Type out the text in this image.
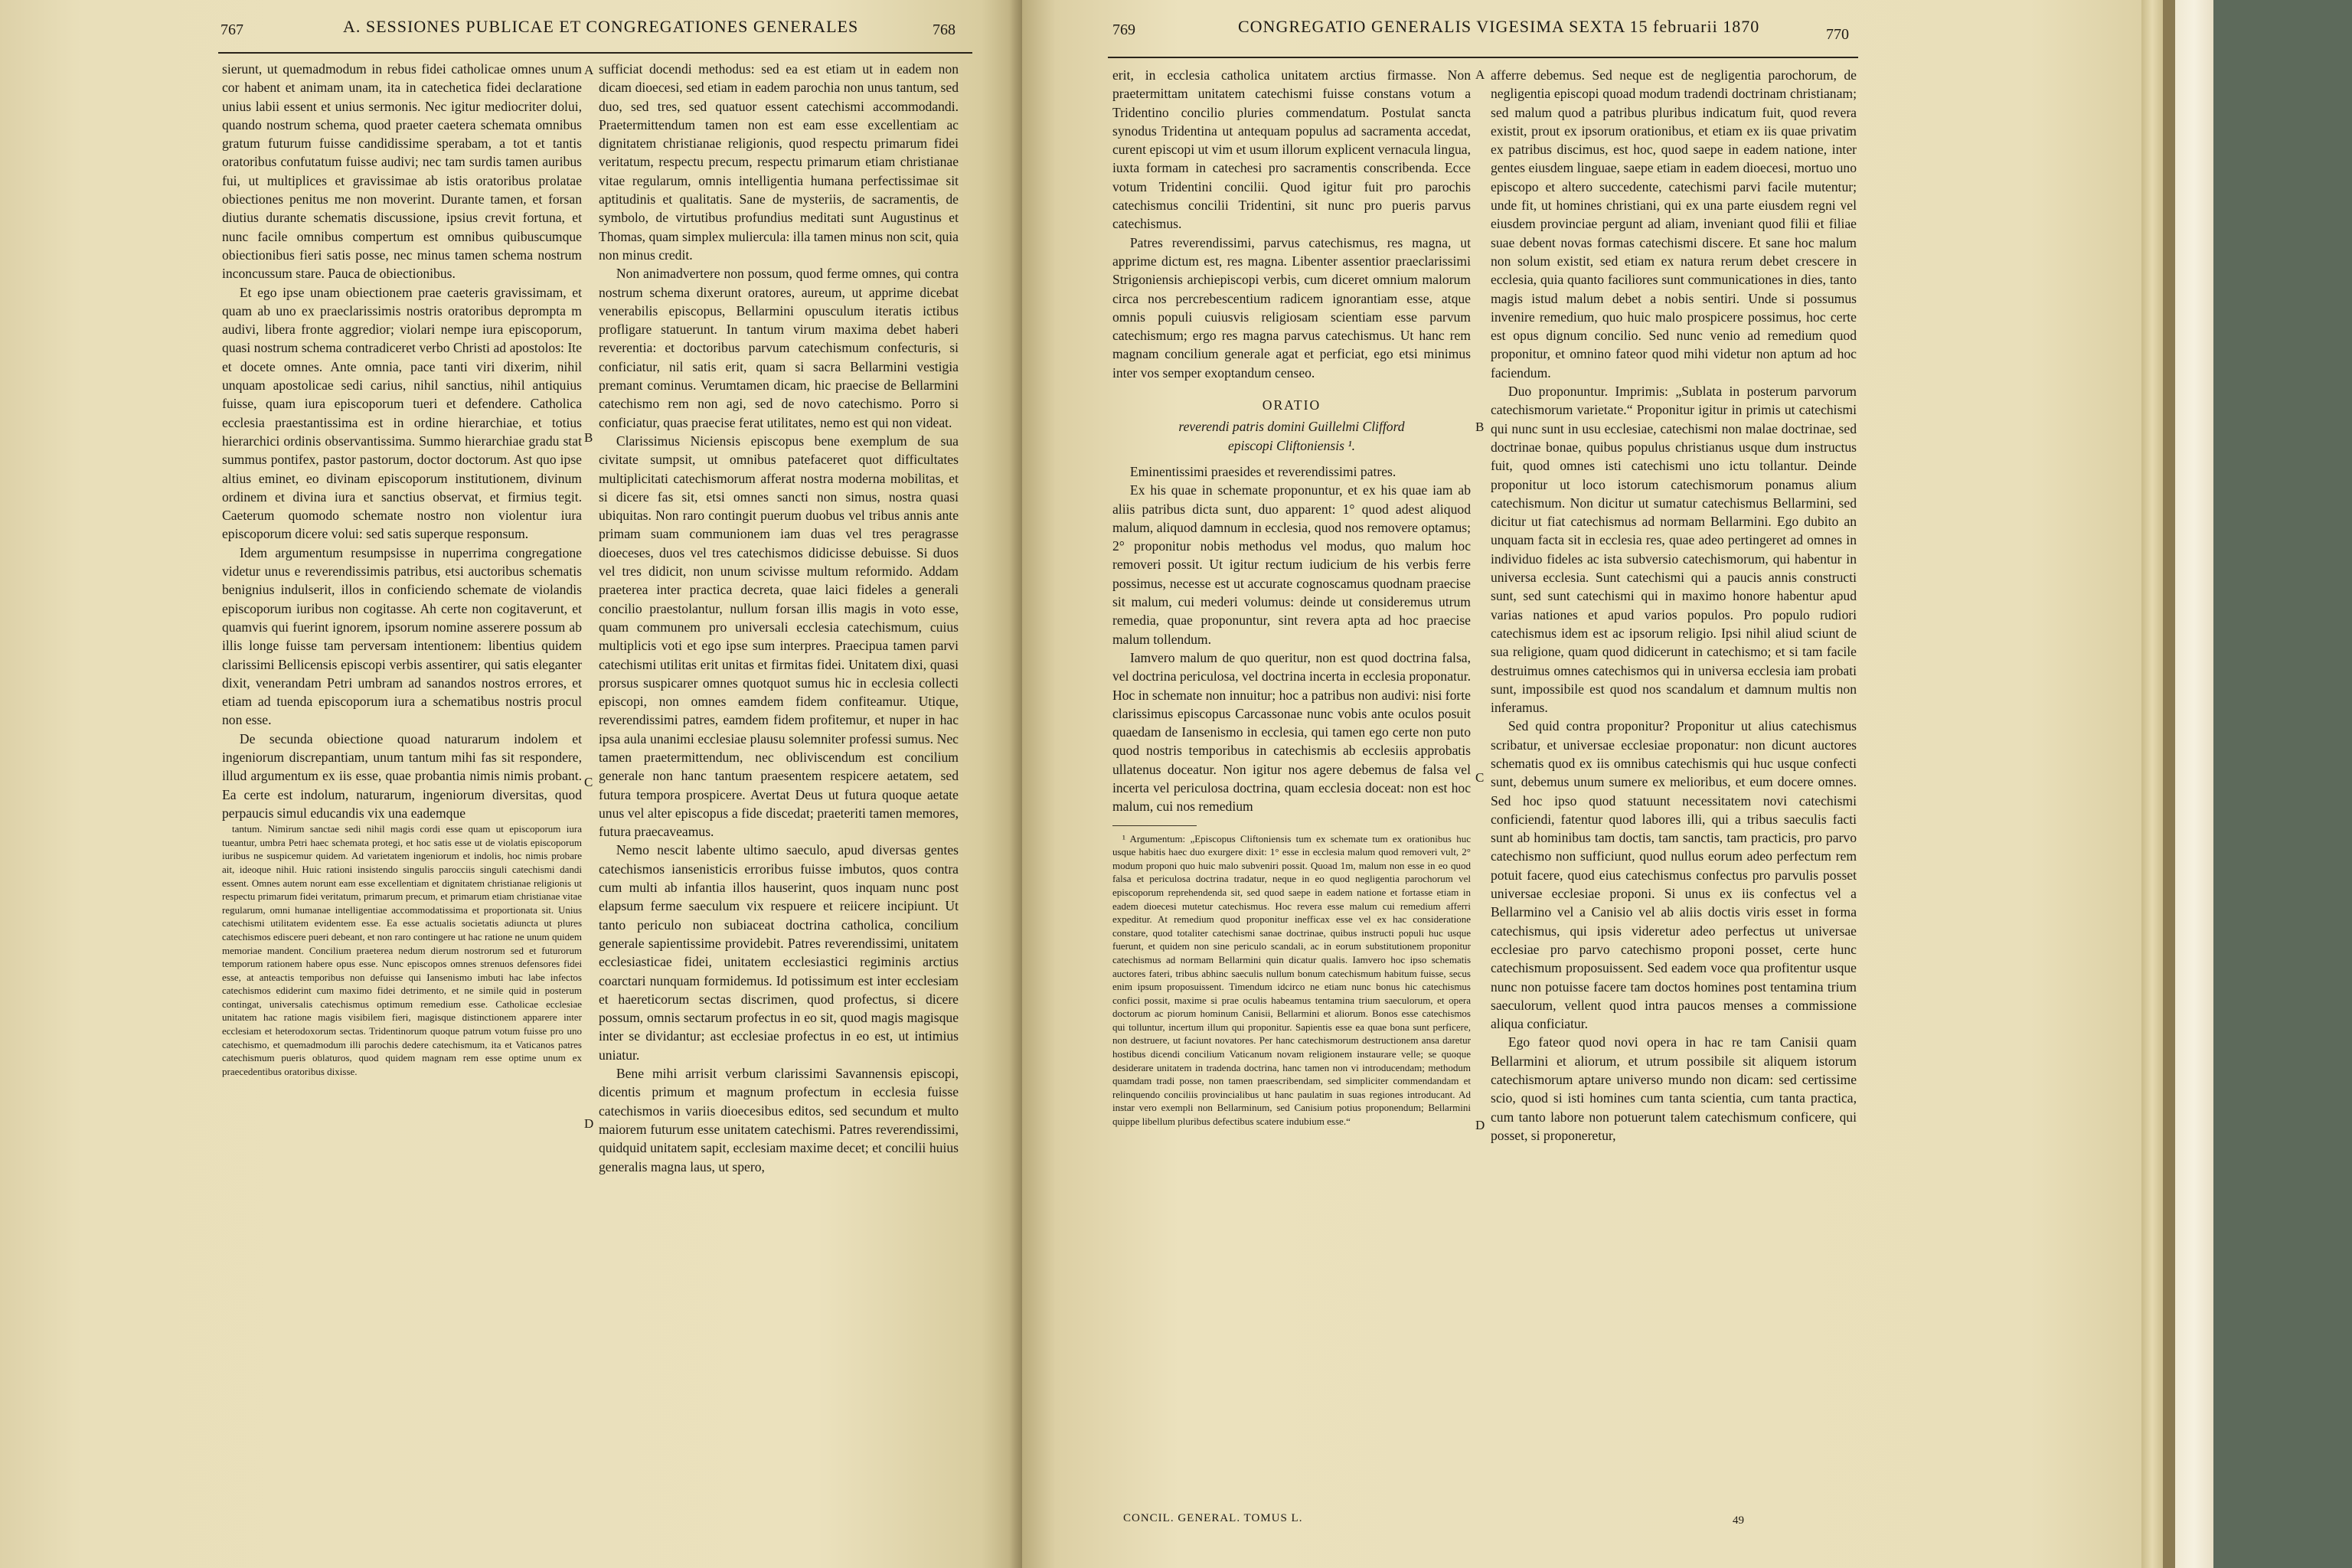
767	A. SESSIONES PUBLICAE ET CONGREGATIONES GENERALES	768

sierunt, ut quemadmodum in rebus fidei catholicae omnes unum cor habent et animam unam, ita in catechetica fidei declaratione unius labii essent et unius sermonis. Nec igitur mediocriter dolui, quando nostrum schema, quod praeter caetera schemata omnibus gratum futurum fuisse candidissime sperabam, a tot et tantis oratoribus confutatum fuisse audivi; nec tam surdis tamen auribus fui, ut multiplices et gravissimae ab istis oratoribus prolatae obiectiones penitus me non moverint. Durante tamen, et forsan diutius durante schematis discussione, ipsius crevit fortuna, et nunc facile omnibus compertum est omnibus quibuscumque obiectionibus fieri satis posse, nec minus tamen schema nostrum inconcussum stare. Pauca de obiectionibus.

Et ego ipse unam obiectionem prae caeteris gravissimam, et quam ab uno ex praeclarissimis nostris oratoribus deprompta m audivi, libera fronte aggredior; violari nempe iura episcoporum, quasi nostrum schema contradiceret verbo Christi ad apostolos: Ite et docete omnes. Ante omnia, pace tanti viri dixerim, nihil unquam apostolicae sedi carius, nihil sanctius, nihil antiquius fuisse, quam iura episcoporum tueri et defendere. Catholica ecclesia praestantissima est in ordine hierarchiae, et totius hierarchici ordinis observantissima. Summo hierarchiae gradu stat summus pontifex, pastor pastorum, doctor doctorum. Ast quo ipse altius eminet, eo divinam episcoporum institutionem, divinum ordinem et divina iura et sanctius observat, et firmius tegit. Caeterum quomodo schemate nostro non violentur iura episcoporum dicere volui: sed satis superque responsum.

Idem argumentum resumpsisse in nuperrima congregatione videtur unus e reverendissimis patribus, etsi auctoribus schematis benignius indulserit, illos in conficiendo schemate de violandis episcoporum iuribus non cogitasse. Ah certe non cogitaverunt, et quamvis qui fuerint ignorem, ipsorum nomine asserere possum ab illis longe fuisse tam perversam intentionem: libentius quidem clarissimi Bellicensis episcopi verbis assentirer, qui satis eleganter dixit, venerandam Petri umbram ad sanandos nostros errores, et etiam ad tuenda episcoporum iura a schematibus nostris procul non esse.

De secunda obiectione quoad naturarum indolem et ingeniorum discrepantiam, unum tantum mihi fas sit respondere, illud argumentum ex iis esse, quae probantia nimis nimis probant. Ea certe est indolum, naturarum, ingeniorum diversitas, quod perpaucis simul educandis vix una eademque

tantum. Nimirum sanctae sedi nihil magis cordi esse quam ut episcoporum iura tueantur, umbra Petri haec schemata protegi, et hoc satis esse ut de violatis episcoporum iuribus ne suspicemur quidem. Ad varietatem ingeniorum et indolis, hoc nimis probare ait, ideoque nihil. Huic rationi insistendo singulis parocciis singuli catechismi dandi essent. Omnes autem norunt eam esse excellentiam et dignitatem christianae religionis ut respectu primarum fidei veritatum, primarum precum, et primarum etiam christianae vitae regularum, omni humanae intelligentiae accommodatissima et proportionata sit. Unius catechismi utilitatem evidentem esse. Ea esse actualis societatis adiuncta ut plures catechismos ediscere pueri debeant, et non raro contingere ut hac ratione ne unum quidem memoriae mandent. Concilium praeterea nedum dierum nostrorum sed et futurorum temporum rationem habere opus esse. Nunc episcopos omnes strenuos defensores fidei esse, at anteactis temporibus non defuisse qui Iansenismo imbuti hac labe infectos catechismos ediderint cum maximo fidei detrimento, et ne simile quid in posterum contingat, universalis catechismus optimum remedium esse. Catholicae ecclesiae unitatem hac ratione magis visibilem fieri, magisque distinctionem apparere inter ecclesiam et heterodoxorum sectas. Tridentinorum quoque patrum votum fuisse pro uno catechismo, et quemadmodum illi parochis dedere catechismum, ita et Vaticanos patres catechismum pueris oblaturos, quod quidem magnam rem esse optime unum ex praecedentibus oratoribus dixisse.

A
B
C
D

sufficiat docendi methodus: sed ea est etiam ut in eadem non dicam dioecesi, sed etiam in eadem parochia non unus tantum, sed duo, sed tres, sed quatuor essent catechismi accommodandi. Praetermittendum tamen non est eam esse excellentiam ac dignitatem christianae religionis, quod respectu primarum fidei veritatum, respectu precum, respectu primarum etiam christianae vitae regularum, omnis intelligentia humana perfectissimae sit aptitudinis et qualitatis. Sane de mysteriis, de sacramentis, de symbolo, de virtutibus profundius meditati sunt Augustinus et Thomas, quam simplex muliercula: illa tamen minus non scit, quia non minus credit.

Non animadvertere non possum, quod ferme omnes, qui contra nostrum schema dixerunt oratores, aureum, ut apprime dicebat venerabilis episcopus, Bellarmini opusculum iteratis ictibus profligare statuerunt. In tantum virum maxima debet haberi reverentia: et doctoribus parvum catechismum confecturis, si conficiatur, nil satis erit, quam si sacra Bellarmini vestigia premant cominus. Verumtamen dicam, hic praecise de Bellarmini catechismo rem non agi, sed de novo catechismo. Porro si conficiatur, quas praecise ferat utilitates, nemo est qui non videat.

Clarissimus Niciensis episcopus bene exemplum de sua civitate sumpsit, ut omnibus patefaceret quot difficultates multiplicitati catechismorum afferat nostra moderna mobilitas, et si dicere fas sit, etsi omnes sancti non simus, nostra quasi ubiquitas. Non raro contingit puerum duobus vel tribus annis ante primam suam communionem iam duas vel tres peragrasse dioeceses, duos vel tres catechismos didicisse debuisse. Si duos vel tres didicit, non unum scivisse multum reformido. Addam praeterea inter practica decreta, quae laici fideles a generali concilio praestolantur, nullum forsan illis magis in voto esse, quam communem pro universali ecclesia catechismum, cuius multiplicis voti et ego ipse sum interpres. Praecipua tamen parvi catechismi utilitas erit unitas et firmitas fidei. Unitatem dixi, quasi prorsus suspicarer omnes quotquot sumus hic in ecclesia collecti episcopi, non omnes eamdem fidem confiteamur. Utique, reverendissimi patres, eamdem fidem profitemur, et nuper in hac ipsa aula unanimi ecclesiae plausu solemniter professi sumus. Nec tamen praetermittendum, nec obliviscendum est concilium generale non hanc tantum praesentem respicere aetatem, sed futura tempora prospicere. Avertat Deus ut futura quoque aetate unus vel alter episcopus a fide discedat; praeteriti tamen memores, futura praecaveamus.

Nemo nescit labente ultimo saeculo, apud diversas gentes catechismos iansenisticis erroribus fuisse imbutos, quos contra cum multi ab infantia illos hauserint, quos inquam nunc post elapsum ferme saeculum vix respuere et reiicere incipiunt. Ut tanto periculo non subiaceat doctrina catholica, concilium generale sapientissime providebit. Patres reverendissimi, unitatem ecclesiasticae fidei, unitatem ecclesiastici regiminis arctius coarctari nunquam formidemus. Id potissimum est inter ecclesiam et haereticorum sectas discrimen, quod profectus, si dicere possum, omnis sectarum profectus in eo sit, quod magis magisque inter se dividantur; ast ecclesiae profectus in eo est, ut intimius uniatur.

Bene mihi arrisit verbum clarissimi Savannensis episcopi, dicentis primum et magnum profectum in ecclesia fuisse catechismos in variis dioecesibus editos, sed secundum et multo maiorem futurum esse unitatem catechismi. Patres reverendissimi, quidquid unitatem sapit, ecclesiam maxime decet; et concilii huius generalis magna laus, ut spero,

769	CONGREGATIO GENERALIS VIGESIMA SEXTA 15 februarii 1870	770

erit, in ecclesia catholica unitatem arctius firmasse. Non praetermittam unitatem catechismi fuisse constans votum a Tridentino concilio pluries commendatum. Postulat sancta synodus Tridentina ut antequam populus ad sacramenta accedat, curent episcopi ut vim et usum illorum explicent vernacula lingua, iuxta formam in catechesi pro sacramentis conscribenda. Ecce votum Tridentini concilii. Quod igitur fuit pro parochis catechismus concilii Tridentini, sit nunc pro pueris parvus catechismus.

Patres reverendissimi, parvus catechismus, res magna, ut apprime dictum est, res magna. Libenter assentior praeclarissimi Strigoniensis archiepiscopi verbis, cum diceret omnium malorum circa nos percrebescentium radicem ignorantiam esse, atque omnis populi cuiusvis religiosam scientiam esse parvum catechismum; ergo res magna parvus catechismus. Ut hanc rem magnam concilium generale agat et perficiat, ego etsi minimus inter vos semper exoptandum censeo.

ORATIO

reverendi patris domini Guillelmi Clifford

episcopi Cliftoniensis ¹.

Eminentissimi praesides et reverendissimi patres.

Ex his quae in schemate proponuntur, et ex his quae iam ab aliis patribus dicta sunt, duo apparent: 1° quod adest aliquod malum, aliquod damnum in ecclesia, quod nos removere optamus; 2° proponitur nobis methodus vel modus, quo malum hoc removeri possit. Ut igitur rectum iudicium de his verbis ferre possimus, necesse est ut accurate cognoscamus quodnam praecise sit malum, cui mederi volumus: deinde ut consideremus utrum remedia, quae proponuntur, sint revera apta ad hoc praecise malum tollendum.

Iamvero malum de quo queritur, non est quod doctrina falsa, vel doctrina periculosa, vel doctrina incerta in ecclesia proponatur. Hoc in schemate non innuitur; hoc a patribus non audivi: nisi forte clarissimus episcopus Carcassonae nunc vobis ante oculos posuit quaedam de Iansenismo in ecclesia, qui tamen ego certe non puto quod nostris temporibus in catechismis ab ecclesiis approbatis ullatenus doceatur. Non igitur nos agere debemus de falsa vel incerta vel periculosa doctrina, quam ecclesia doceat: non est hoc malum, cui nos remedium

¹ Argumentum: „Episcopus Cliftoniensis tum ex schemate tum ex orationibus huc usque habitis haec duo exurgere dixit: 1° esse in ecclesia malum quod removeri vult, 2° modum proponi quo huic malo subveniri possit. Quoad 1m, malum non esse in eo quod falsa et periculosa doctrina tradatur, neque in eo quod negligentia parochorum vel episcoporum reprehendenda sit, sed quod saepe in eadem natione et fortasse etiam in eadem dioecesi mutetur catechismus. Hoc revera esse malum cui remedium afferri expeditur. At remedium quod proponitur inefficax esse vel ex hac consideratione constare, quod totaliter catechismi sanae doctrinae, quibus instructi populi huc usque fuerunt, et quidem non sine periculo scandali, ac in eorum substitutionem proponitur catechismus ad normam Bellarmini quin dicatur qualis. Iamvero hoc ipso schematis auctores fateri, tribus abhinc saeculis nullum bonum catechismum habitum fuisse, secus enim ipsum proposuissent. Timendum idcirco ne etiam nunc bonus hic catechismus confici possit, maxime si prae oculis habeamus tentamina trium saeculorum, et opera doctorum ac piorum hominum Canisii, Bellarmini et aliorum. Bonos esse catechismos qui tolluntur, incertum illum qui proponitur. Sapientis esse ea quae bona sunt perficere, non destruere, ut faciunt novatores. Per hanc catechismorum destructionem ansa daretur hostibus dicendi concilium Vaticanum novam religionem instaurare velle; se quoque desiderare unitatem in tradenda doctrina, hanc tamen non vi introducendam; methodum quamdam tradi posse, non tamen praescribendam, sed simpliciter commendandam et relinquendo conciliis provincialibus ut hanc paulatim in suas regiones introducant. Ad instar vero exempli non Bellarminum, sed Canisium potius proponendum; Bellarmini quippe libellum pluribus defectibus scatere indubium esse.“

A
B
C
D

afferre debemus. Sed neque est de negligentia parochorum, de negligentia episcopi quoad modum tradendi doctrinam christianam; sed malum quod a patribus pluribus indicatum fuit, quod revera existit, prout ex ipsorum orationibus, et etiam ex iis quae privatim ex patribus discimus, est hoc, quod saepe in eadem natione, inter gentes eiusdem linguae, saepe etiam in eadem dioecesi, mortuo uno episcopo et altero succedente, catechismi parvi facile mutentur; unde fit, ut homines christiani, qui ex una parte eiusdem regni vel eiusdem provinciae pergunt ad aliam, inveniant quod filii et filiae suae debent novas formas catechismi discere. Et sane hoc malum non solum existit, sed etiam ex natura rerum debet crescere in ecclesia, quia quanto faciliores sunt communicationes in dies, tanto magis istud malum debet a nobis sentiri. Unde si possumus invenire remedium, quo huic malo prospicere possimus, hoc certe est opus dignum concilio. Sed nunc venio ad remedium quod proponitur, et omnino fateor quod mihi videtur non aptum ad hoc faciendum.

Duo proponuntur. Imprimis: „Sublata in posterum parvorum catechismorum varietate.“ Proponitur igitur in primis ut catechismi qui nunc sunt in usu ecclesiae, catechismi non malae doctrinae, sed doctrinae bonae, quibus populus christianus usque dum instructus fuit, quod omnes isti catechismi uno ictu tollantur. Deinde proponitur ut loco istorum catechismorum ponamus alium catechismum. Non dicitur ut sumatur catechismus Bellarmini, sed dicitur ut fiat catechismus ad normam Bellarmini. Ego dubito an unquam facta sit in ecclesia res, quae adeo pertingeret ad omnes in individuo fideles ac ista subversio catechismorum, qui habentur in universa ecclesia. Sunt catechismi qui a paucis annis constructi sunt, sed sunt catechismi qui in maximo honore habentur apud varias nationes et apud varios populos. Pro populo rudiori catechismus idem est ac ipsorum religio. Ipsi nihil aliud sciunt de sua religione, quam quod didicerunt in catechismo; et si tam facile destruimus omnes catechismos qui in universa ecclesia iam probati sunt, impossibile est quod nos scandalum et damnum multis non inferamus.

Sed quid contra proponitur? Proponitur ut alius catechismus scribatur, et universae ecclesiae proponatur: non dicunt auctores schematis quod ex iis omnibus catechismis qui huc usque confecti sunt, debemus unum sumere ex melioribus, et eum docere omnes. Sed hoc ipso quod statuunt necessitatem novi catechismi conficiendi, fatentur quod labores illi, qui a tribus saeculis facti sunt ab hominibus tam doctis, tam sanctis, tam practicis, pro parvo catechismo non sufficiunt, quod nullus eorum adeo perfectum rem potuit facere, quod eius catechismus confectus pro parvulis posset universae ecclesiae proponi. Si unus ex iis confectus vel a Bellarmino vel a Canisio vel ab aliis doctis viris esset in forma catechismus, qui ipsis videretur adeo perfectus ut universae ecclesiae pro parvo catechismo proponi posset, certe hunc catechismum proposuissent. Sed eadem voce qua profitentur usque nunc non potuisse facere tam doctos homines post tentamina trium saeculorum, vellent quod intra paucos menses a commissione aliqua conficiatur.

Ego fateor quod novi opera in hac re tam Canisii quam Bellarmini et aliorum, et utrum possibile sit aliquem istorum catechismorum aptare universo mundo non dicam: sed certissime scio, quod si isti homines cum tanta scientia, cum tanta practica, cum tanto labore non potuerunt talem catechismum conficere, qui posset, si proponeretur,

CONCIL. GENERAL. TOMUS L.	49
